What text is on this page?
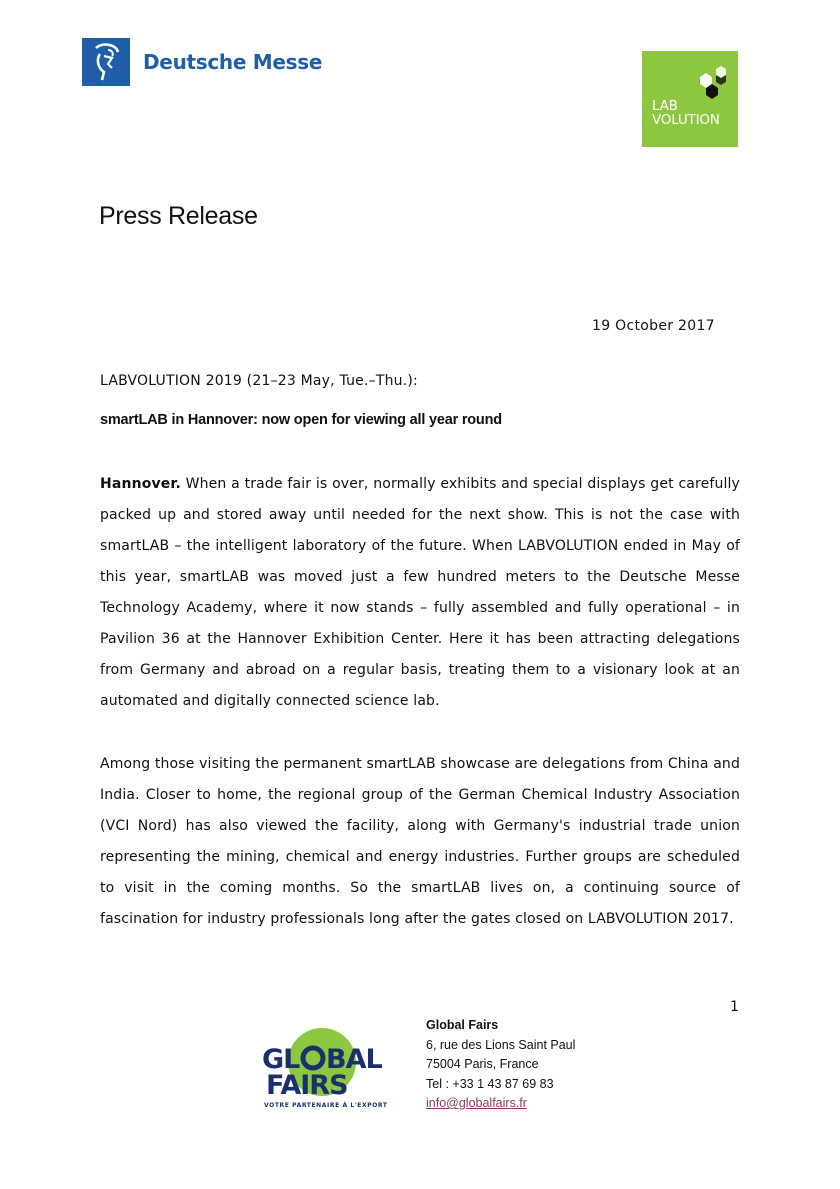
Deutsche Messe
LAB
VOLUTION
Press Release
19 October 2017
LABVOLUTION 2019 (21–23 May, Tue.–Thu.):
smartLAB in Hannover: now open for viewing all year round

Hannover. When a trade fair is over, normally exhibits and special displays get carefully packed up and stored away until needed for the next show. This is not the case with smartLAB – the intelligent laboratory of the future. When LABVOLUTION ended in May of this year, smartLAB was moved just a few hundred meters to the Deutsche Messe Technology Academy, where it now stands – fully assembled and fully operational – in Pavilion 36 at the Hannover Exhibition Center. Here it has been attracting delegations from Germany and abroad on a regular basis, treating them to a visionary look at an automated and digitally connected science lab.

Among those visiting the permanent smartLAB showcase are delegations from China and India. Closer to home, the regional group of the German Chemical Industry Association (VCI Nord) has also viewed the facility, along with Germany's industrial trade union representing the mining, chemical and energy industries. Further groups are scheduled to visit in the coming months. So the smartLAB lives on, a continuing source of fascination for industry professionals long after the gates closed on LABVOLUTION 2017.

1
GL BAL
FAIRS
VOTRE PARTENAIRE À L'EXPORT
Global Fairs
6, rue des Lions Saint Paul
75004 Paris, France
Tel : +33 1 43 87 69 83
info@globalfairs.fr
